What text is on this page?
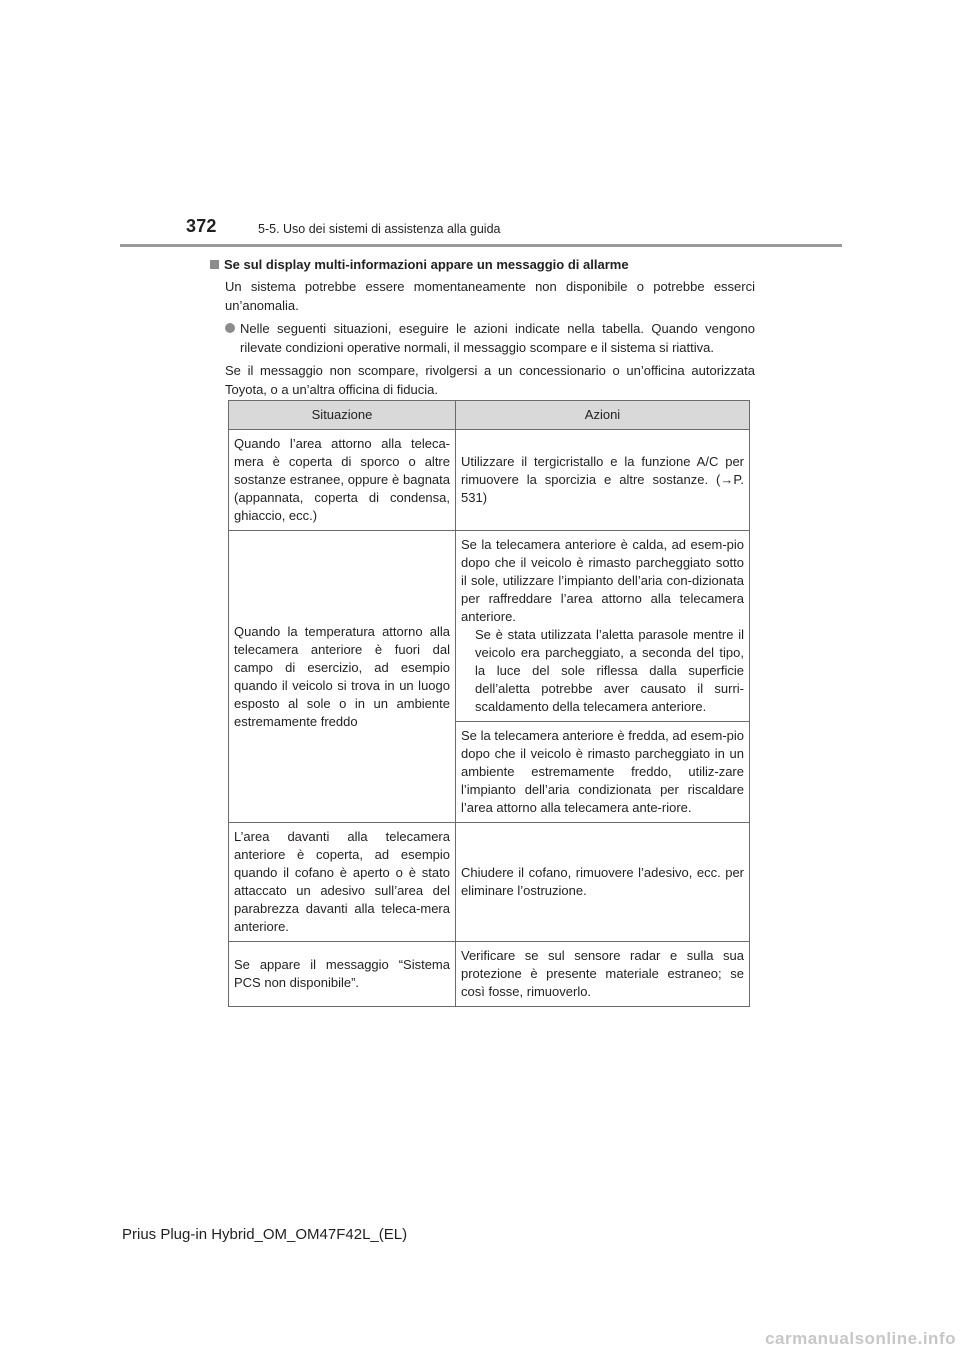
372	5-5. Uso dei sistemi di assistenza alla guida
Se sul display multi-informazioni appare un messaggio di allarme
Un sistema potrebbe essere momentaneamente non disponibile o potrebbe esserci un’anomalia.
Nelle seguenti situazioni, eseguire le azioni indicate nella tabella. Quando vengono rilevate condizioni operative normali, il messaggio scompare e il sistema si riattiva.
Se il messaggio non scompare, rivolgersi a un concessionario o un’officina autorizzata Toyota, o a un’altra officina di fiducia.
Situazione	Azioni
Quando l’area attorno alla teleca-mera è coperta di sporco o altre sostanze estranee, oppure è bagnata (appannata, coperta di condensa, ghiaccio, ecc.)	Utilizzare il tergicristallo e la funzione A/C per rimuovere la sporcizia e altre sostanze. (→P. 531)
Quando la temperatura attorno alla telecamera anteriore è fuori dal campo di esercizio, ad esempio quando il veicolo si trova in un luogo esposto al sole o in un ambiente estremamente freddo	Se la telecamera anteriore è calda, ad esem-pio dopo che il veicolo è rimasto parcheggiato sotto il sole, utilizzare l’impianto dell’aria con-dizionata per raffreddare l’area attorno alla telecamera anteriore.
Se è stata utilizzata l’aletta parasole mentre il veicolo era parcheggiato, a seconda del tipo, la luce del sole riflessa dalla superficie dell’aletta potrebbe aver causato il surri-scaldamento della telecamera anteriore.

	Se la telecamera anteriore è fredda, ad esem-pio dopo che il veicolo è rimasto parcheggiato in un ambiente estremamente freddo, utiliz-zare l’impianto dell’aria condizionata per riscaldare l’area attorno alla telecamera ante-riore.
L’area davanti alla telecamera anteriore è coperta, ad esempio quando il cofano è aperto o è stato attaccato un adesivo sull’area del parabrezza davanti alla teleca-mera anteriore.	Chiudere il cofano, rimuovere l’adesivo, ecc. per eliminare l’ostruzione.
Se appare il messaggio “Sistema PCS non disponibile”.	Verificare se sul sensore radar e sulla sua protezione è presente materiale estraneo; se così fosse, rimuoverlo.
Prius Plug-in Hybrid_OM_OM47F42L_(EL)
carmanualsonline.info
